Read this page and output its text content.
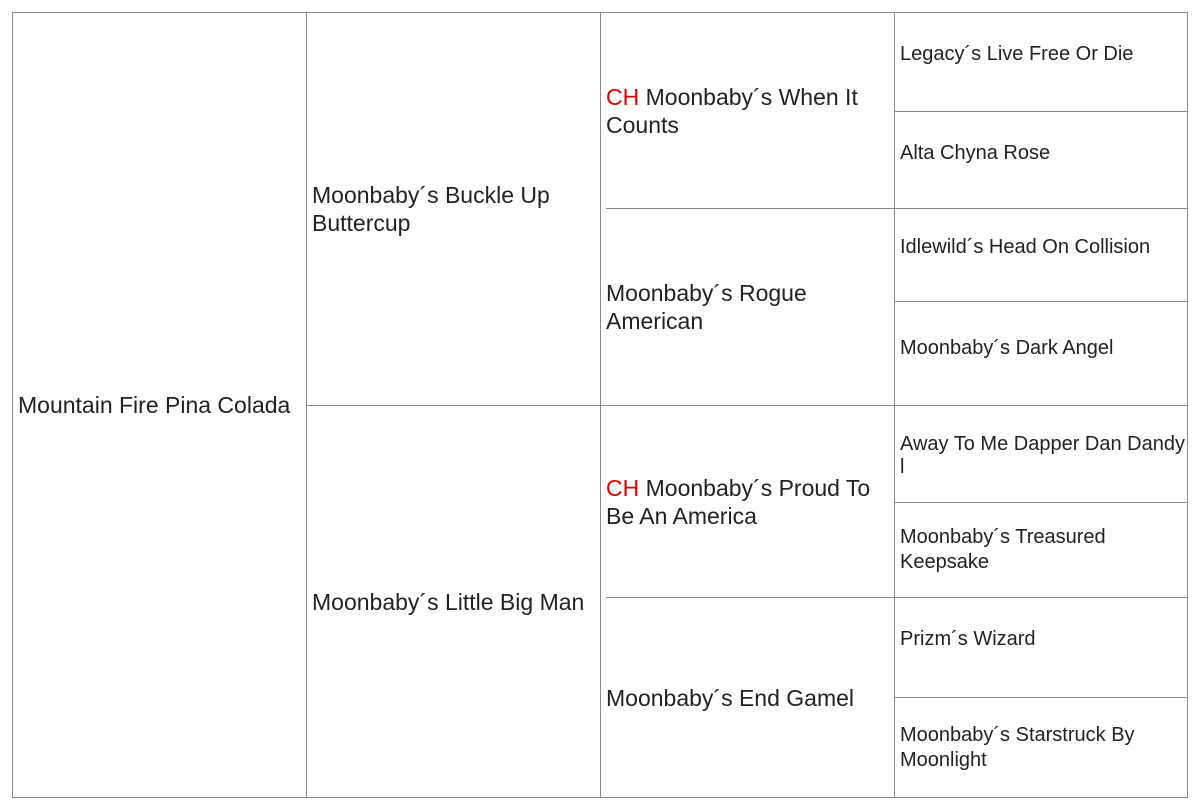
Mountain Fire Pina Colada
Moonbaby´s Buckle Up Buttercup
Moonbaby´s Little Big Man
CH Moonbaby´s When It Counts
Moonbaby´s Rogue American
CH Moonbaby´s Proud To Be An America
Moonbaby´s End Gamel
Legacy´s Live Free Or Die
Alta Chyna Rose
Idlewild´s Head On Collision
Moonbaby´s Dark Angel
Away To Me Dapper Dan Dandy
l
Moonbaby´s Treasured Keepsake
Prizm´s Wizard
Moonbaby´s Starstruck By Moonlight
